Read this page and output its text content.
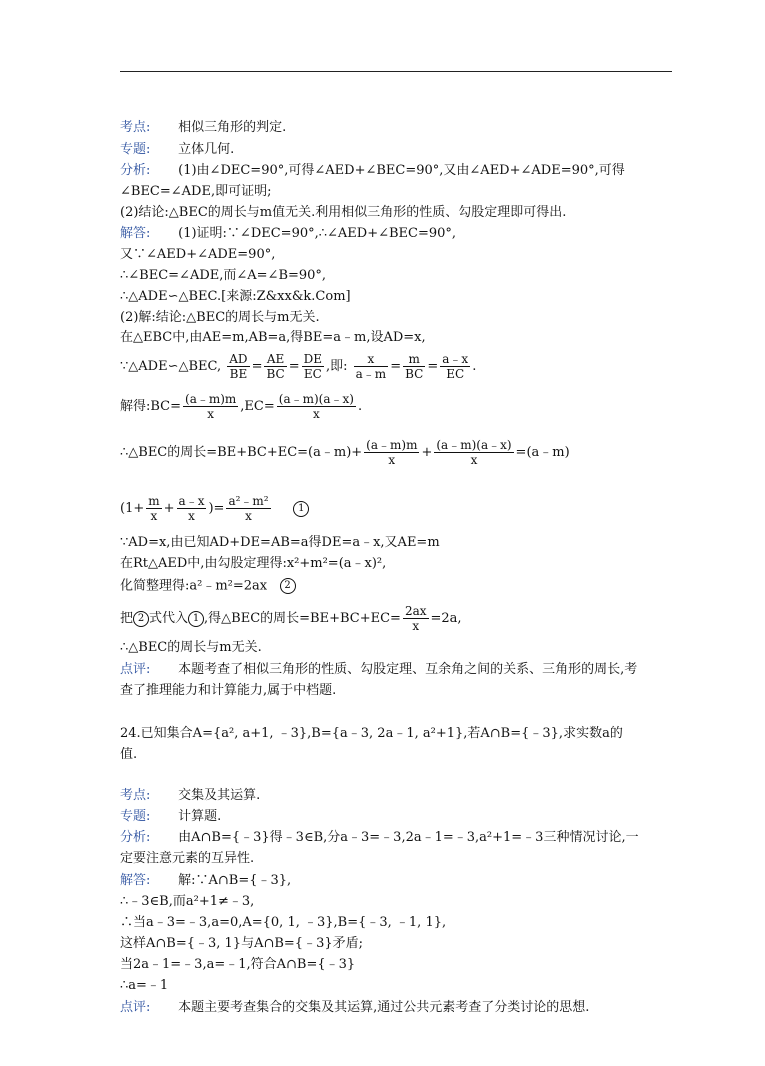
考点: 相似三角形的判定.
专题: 立体几何.
分析: (1)由∠DEC=90°,可得∠AED+∠BEC=90°,又由∠AED+∠ADE=90°,可得
∠BEC=∠ADE,即可证明;
(2)结论:△BEC的周长与m值无关.利用相似三角形的性质、勾股定理即可得出.
解答: (1)证明:∵∠DEC=90°,∴∠AED+∠BEC=90°,
又∵∠AED+∠ADE=90°,
∴∠BEC=∠ADE,而∠A=∠B=90°,
∴△ADE∽△BEC.[来源:Z&xx&k.Com]
(2)解:结论:△BEC的周长与m无关.
在△EBC中,由AE=m,AB=a,得BE=a﹣m,设AD=x,
∵△ADE∽△BEC, $\frac{AD}{BE} = \frac{AE}{BC} = \frac{DE}{EC}$ ,即: $\frac{x}{a﹣m} = \frac{m}{BC} = \frac{a﹣x}{EC}$ .
解得:BC= $\frac{(a﹣m)m}{x} ,EC= \frac{(a﹣m)(a﹣x)}{x}$ .
∴△BEC的周长=BE+BC+EC=(a﹣m)+ $\frac{(a﹣m)m}{x} + \frac{(a﹣m)(a﹣x)}{x}$ =(a﹣m)
($1+ \frac{m}{x} + \frac{a﹣x}{x}$ )= $\frac{\text{a²﹣m²}}{x}$	1
∵AD=x,由已知AD+DE=AB=a得DE=a﹣x,又AE=m
在Rt△AED中,由勾股定理得:x²+m²=(a﹣x)²,
化简整理得:a²﹣m²=2ax 2
把 2 式代入 1 ,得△BEC的周长$=BE+BC+EC= \frac{2ax}{x} =2a$,
∴△BEC的周长与m无关.
点评: 本题考查了相似三角形的性质、勾股定理、互余角之间的关系、三角形的周长,考
查了推理能力和计算能力,属于中档题.
24.已知集合A={a², a+1, ﹣3},B={a﹣3, 2a﹣1, a²+1},若A∩B={﹣3},求实数a的
值.
考点: 交集及其运算.
专题: 计算题.
分析: 由A∩B={﹣3}得﹣3∈B,分a﹣3=﹣3,2a﹣1=﹣3,a²+1=﹣3三种情况讨论,一
定要注意元素的互异性.
解答: 解:∵A∩B={﹣3},
∴﹣3∈B,而a²+1≠﹣3,
∴当a﹣3=﹣3,a=0,A={0, 1, ﹣3},B={﹣3, ﹣1, 1},
这样A∩B={﹣3, 1}与A∩B={﹣3}矛盾;
当2a﹣1=﹣3,a=﹣1,符合A∩B={﹣3}
∴a=﹣1
点评: 本题主要考查集合的交集及其运算,通过公共元素考查了分类讨论的思想.
